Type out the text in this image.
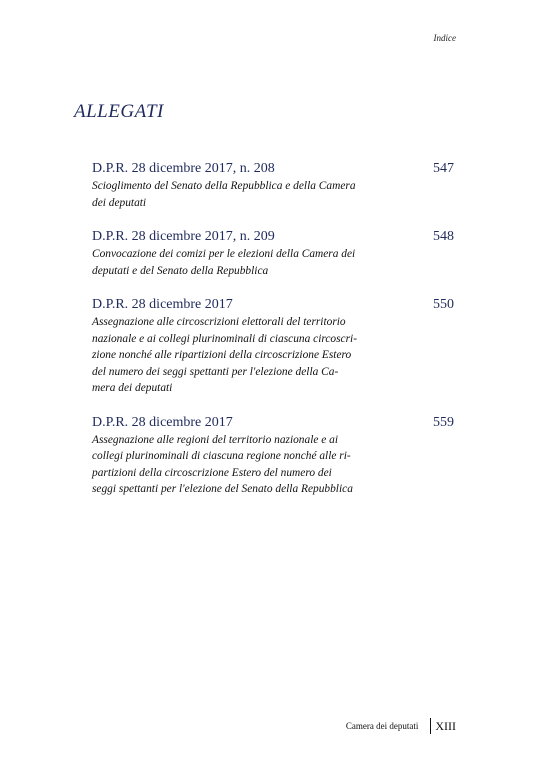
Indice
ALLEGATI
D.P.R. 28 dicembre 2017, n. 208	547
Scioglimento del Senato della Repubblica e della Camera
dei deputati
D.P.R. 28 dicembre 2017, n. 209	548
Convocazione dei comizi per le elezioni della Camera dei
deputati e del Senato della Repubblica
D.P.R. 28 dicembre 2017	550
Assegnazione alle circoscrizioni elettorali del territorio
nazionale e ai collegi plurinominali di ciascuna circoscri-
zione nonché alle ripartizioni della circoscrizione Estero
del numero dei seggi spettanti per l'elezione della Ca-
mera dei deputati
D.P.R. 28 dicembre 2017	559
Assegnazione alle regioni del territorio nazionale e ai
collegi plurinominali di ciascuna regione nonché alle ri-
partizioni della circoscrizione Estero del numero dei
seggi spettanti per l'elezione del Senato della Repubblica
Camera dei deputati XIII
